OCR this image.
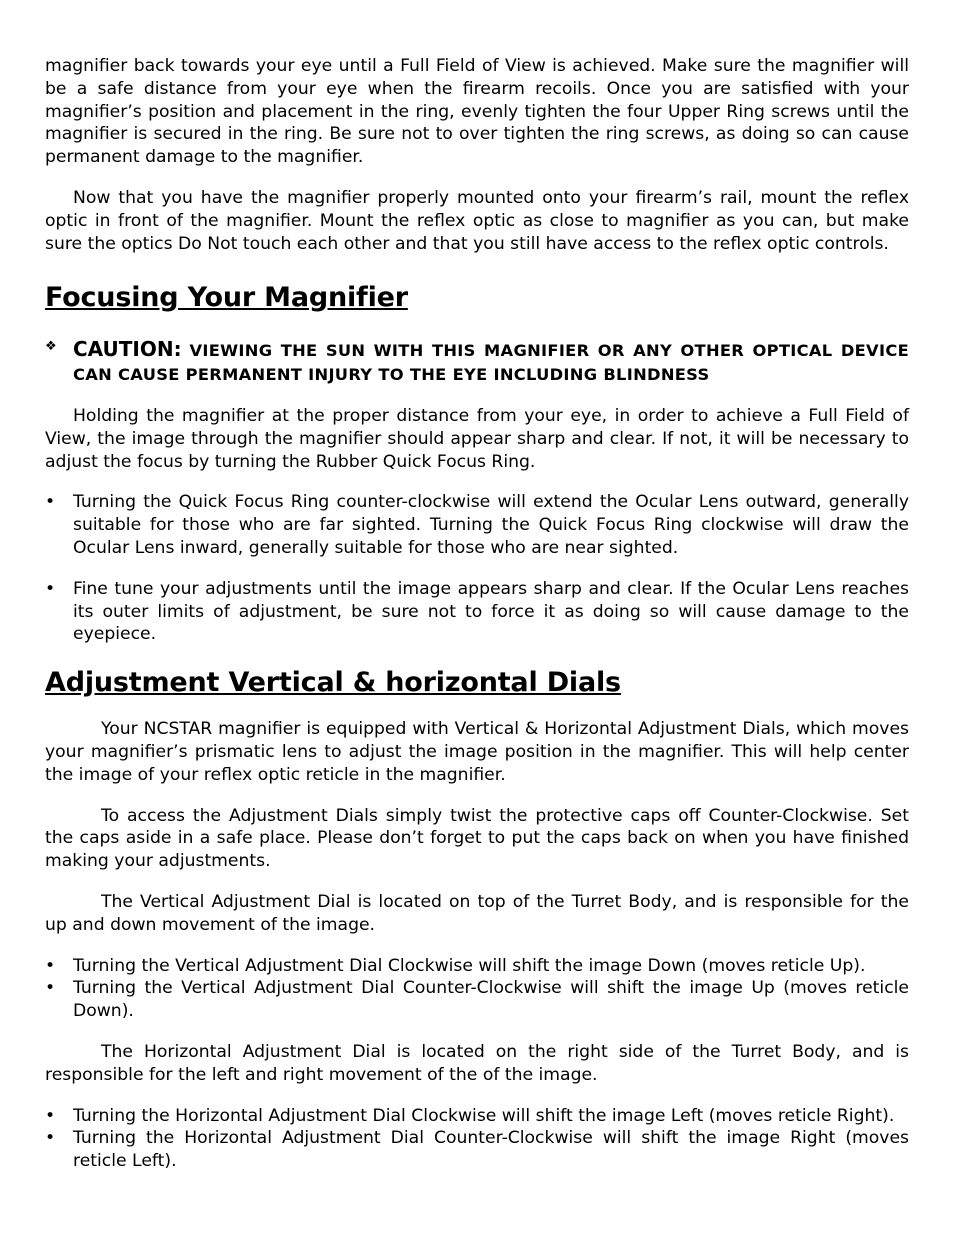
magnifier back towards your eye until a Full Field of View is achieved. Make sure the magnifier will be a safe distance from your eye when the firearm recoils. Once you are satisfied with your magnifier’s position and placement in the ring, evenly tighten the four Upper Ring screws until the magnifier is secured in the ring. Be sure not to over tighten the ring screws, as doing so can cause permanent damage to the magnifier.

Now that you have the magnifier properly mounted onto your firearm’s rail, mount the reflex optic in front of the magnifier. Mount the reflex optic as close to magnifier as you can, but make sure the optics Do Not touch each other and that you still have access to the reflex optic controls.

Focusing Your Magnifier
❖ CAUTION: VIEWING THE SUN WITH THIS MAGNIFIER OR ANY OTHER OPTICAL DEVICE CAN CAUSE PERMANENT INJURY TO THE EYE INCLUDING BLINDNESS

Holding the magnifier at the proper distance from your eye, in order to achieve a Full Field of View, the image through the magnifier should appear sharp and clear. If not, it will be necessary to adjust the focus by turning the Rubber Quick Focus Ring.

•	Turning the Quick Focus Ring counter-clockwise will extend the Ocular Lens outward, generally suitable for those who are far sighted. Turning the Quick Focus Ring clockwise will draw the Ocular Lens inward, generally suitable for those who are near sighted.
•	Fine tune your adjustments until the image appears sharp and clear. If the Ocular Lens reaches its outer limits of adjustment, be sure not to force it as doing so will cause damage to the eyepiece.
Adjustment Vertical & horizontal Dials

Your NCSTAR magnifier is equipped with Vertical & Horizontal Adjustment Dials, which moves your magnifier’s prismatic lens to adjust the image position in the magnifier. This will help center the image of your reflex optic reticle in the magnifier.

To access the Adjustment Dials simply twist the protective caps off Counter-Clockwise. Set the caps aside in a safe place. Please don’t forget to put the caps back on when you have finished making your adjustments.

The Vertical Adjustment Dial is located on top of the Turret Body, and is responsible for the up and down movement of the image.

•	Turning the Vertical Adjustment Dial Clockwise will shift the image Down (moves reticle Up).
•	Turning the Vertical Adjustment Dial Counter-Clockwise will shift the image Up (moves reticle Down).

The Horizontal Adjustment Dial is located on the right side of the Turret Body, and is responsible for the left and right movement of the of the image.

•	Turning the Horizontal Adjustment Dial Clockwise will shift the image Left (moves reticle Right).
•	Turning the Horizontal Adjustment Dial Counter-Clockwise will shift the image Right (moves reticle Left).
